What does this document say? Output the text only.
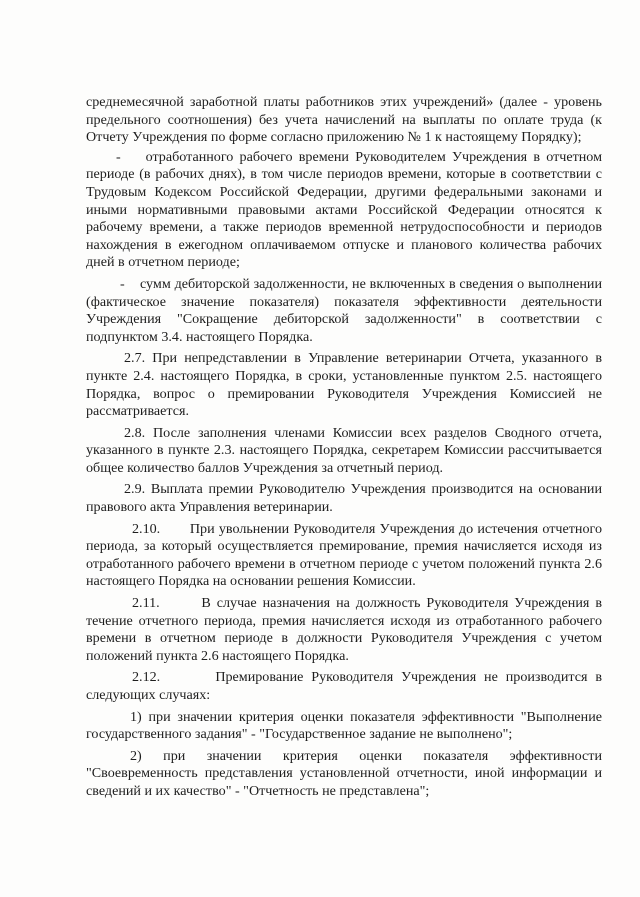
среднемесячной заработной платы работников этих учреждений» (далее - уровень предельного соотношения) без учета начислений на выплаты по оплате труда (к Отчету Учреждения по форме согласно приложению № 1 к настоящему Порядку);

-    отработанного рабочего времени Руководителем Учреждения в отчетном периоде (в рабочих днях), в том числе периодов времени, которые в соответствии с Трудовым Кодексом Российской Федерации, другими федеральными законами и иными нормативными правовыми актами Российской Федерации относятся к рабочему времени, а также периодов временной нетрудоспособности и периодов нахождения в ежегодном оплачиваемом отпуске и планового количества рабочих дней в отчетном периоде;

-    сумм дебиторской задолженности, не включенных в сведения о выполнении (фактическое значение показателя) показателя эффективности деятельности Учреждения "Сокращение дебиторской задолженности" в соответствии с подпунктом 3.4. настоящего Порядка.

2.7. При непредставлении в Управление ветеринарии Отчета, указанного в пункте 2.4. настоящего Порядка, в сроки, установленные пунктом 2.5. настоящего Порядка, вопрос о премировании Руководителя Учреждения Комиссией не рассматривается.

2.8. После заполнения членами Комиссии всех разделов Сводного отчета, указанного в пункте 2.3. настоящего Порядка, секретарем Комиссии рассчитывается общее количество баллов Учреждения за отчетный период.

2.9. Выплата премии Руководителю Учреждения производится на основании правового акта Управления ветеринарии.

2.10.       При увольнении Руководителя Учреждения до истечения отчетного периода, за который осуществляется премирование, премия начисляется исходя из отработанного рабочего времени в отчетном периоде с учетом положений пункта 2.6 настоящего Порядка на основании решения Комиссии.

2.11.       В случае назначения на должность Руководителя Учреждения в течение отчетного периода, премия начисляется исходя из отработанного рабочего времени в отчетном периоде в должности Руководителя Учреждения с учетом положений пункта 2.6 настоящего Порядка.

2.12.       Премирование Руководителя Учреждения не производится в следующих случаях:

1) при значении критерия оценки показателя эффективности "Выполнение государственного задания" - "Государственное задание не выполнено";

2) при значении критерия оценки показателя эффективности "Своевременность представления установленной отчетности, иной информации и сведений и их качество" - "Отчетность не представлена";
